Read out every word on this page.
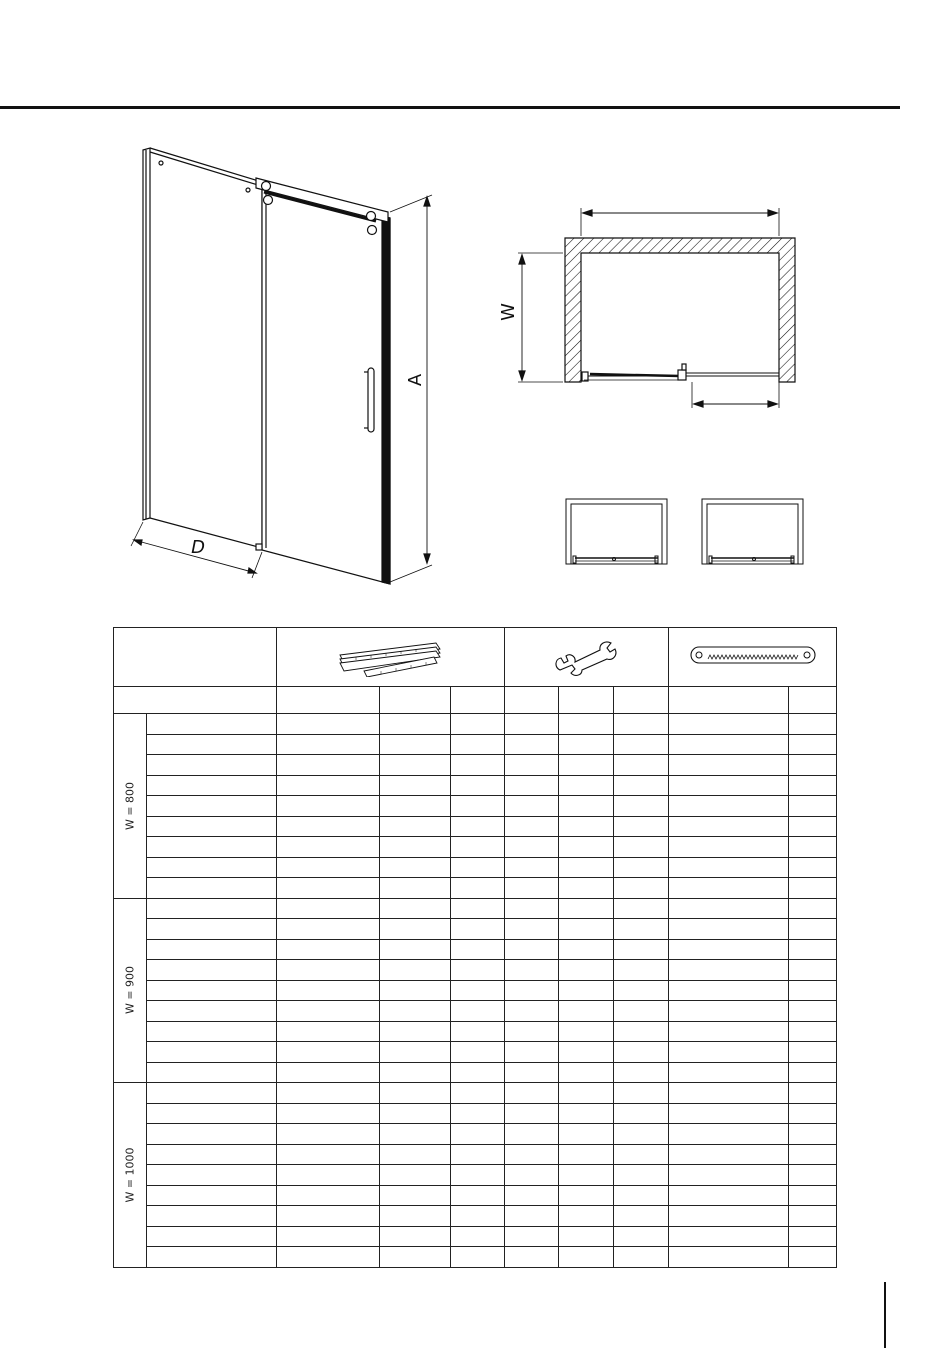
A
D
W

W = 800									

W = 900									

W = 1000									
